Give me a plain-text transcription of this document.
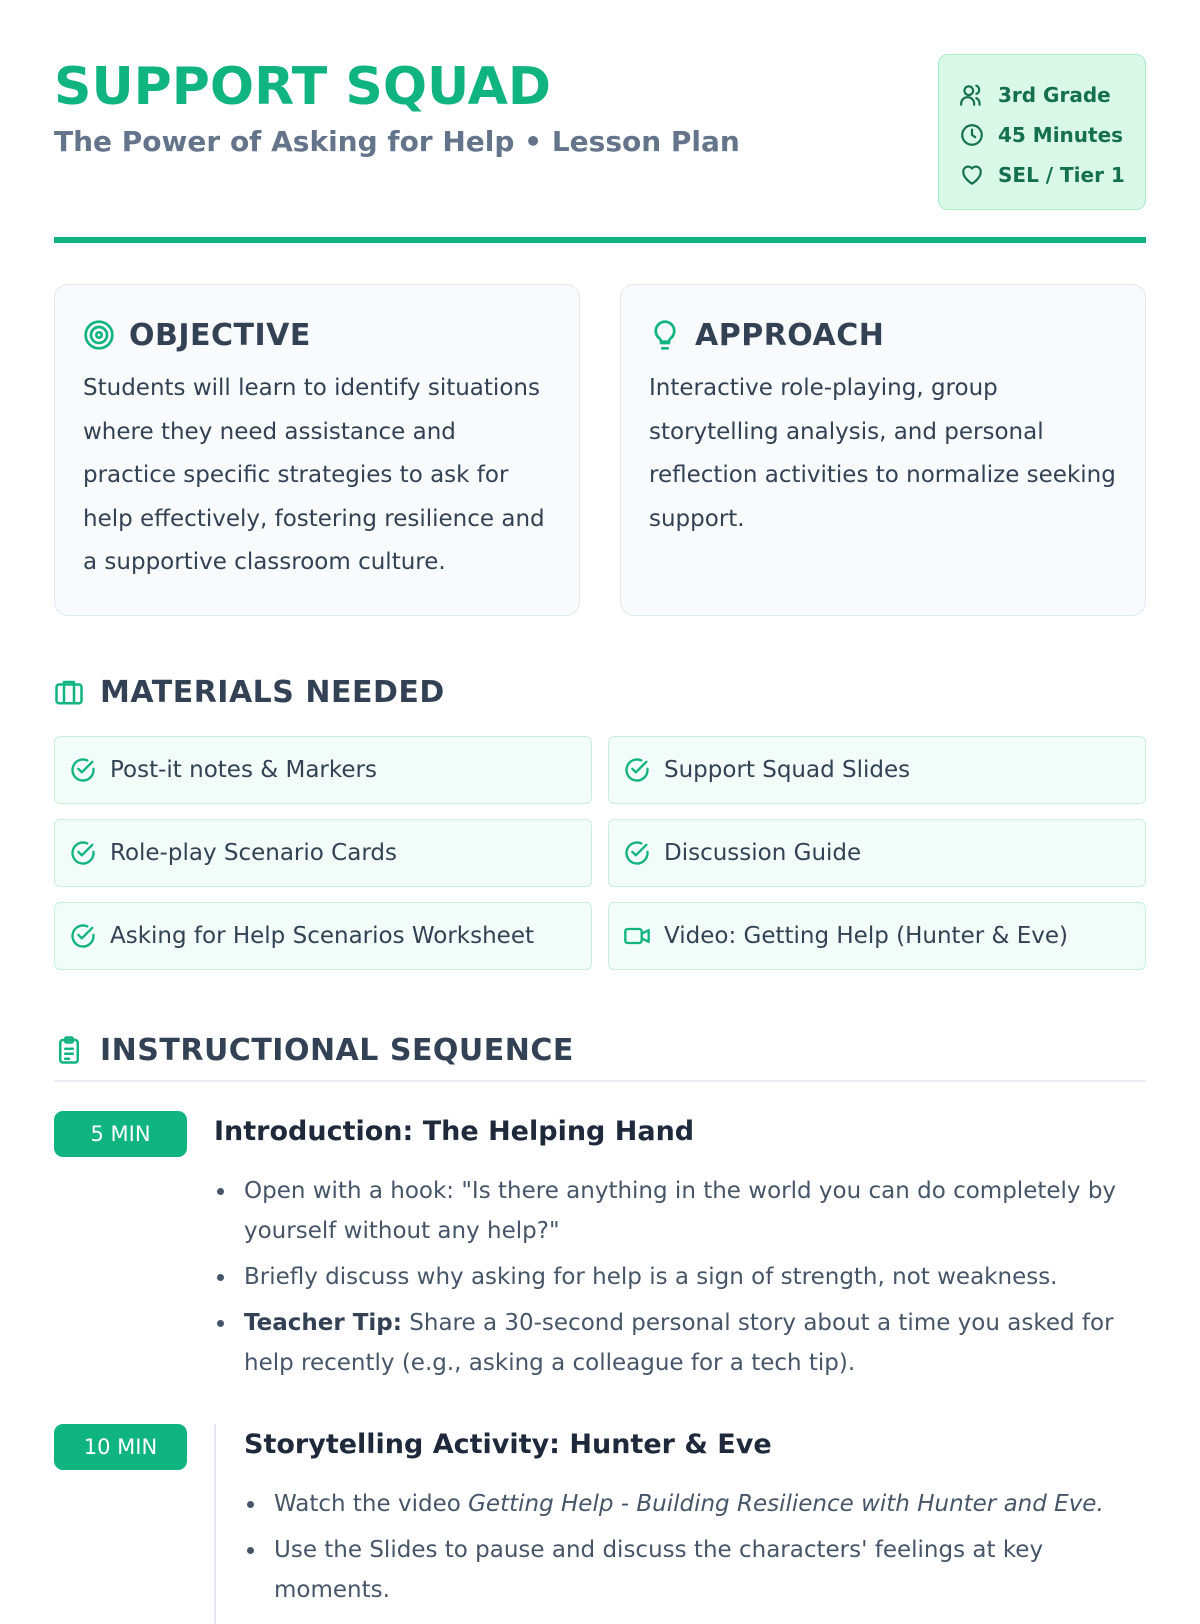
SUPPORT SQUAD
The Power of Asking for Help • Lesson Plan
3rd Grade
45 Minutes
SEL / Tier 1
OBJECTIVE
Students will learn to identify situations where they need assistance and practice specific strategies to ask for help effectively, fostering resilience and a supportive classroom culture.
APPROACH
Interactive role-playing, group storytelling analysis, and personal reflection activities to normalize seeking support.
MATERIALS NEEDED
Post-it notes & Markers	Support Squad Slides
Role-play Scenario Cards	Discussion Guide
Asking for Help Scenarios Worksheet	Video: Getting Help (Hunter & Eve)
INSTRUCTIONAL SEQUENCE
5 MIN	Introduction: The Helping Hand
Open with a hook: "Is there anything in the world you can do completely by yourself without any help?"
Briefly discuss why asking for help is a sign of strength, not weakness.
Teacher Tip: Share a 30-second personal story about a time you asked for help recently (e.g., asking a colleague for a tech tip).
10 MIN	Storytelling Activity: Hunter & Eve
Watch the video Getting Help - Building Resilience with Hunter and Eve.
Use the Slides to pause and discuss the characters' feelings at key moments.
